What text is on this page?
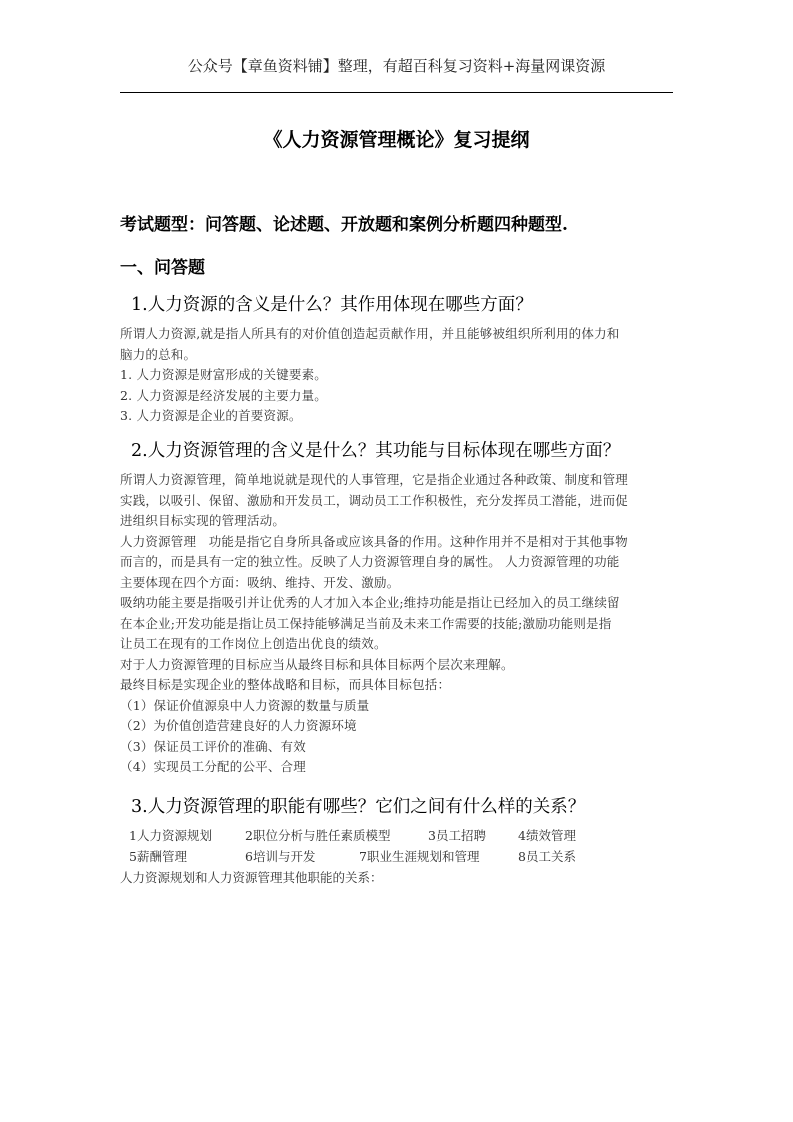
公众号【章鱼资料铺】整理，有超百科复习资料+海量网课资源
《人力资源管理概论》复习提纲
考试题型：问答题、论述题、开放题和案例分析题四种题型.
一、问答题
1.人力资源的含义是什么？其作用体现在哪些方面？
所谓人力资源,就是指人所具有的对价值创造起贡献作用，并且能够被组织所利用的体力和
脑力的总和。
1. 人力资源是财富形成的关键要素。
2. 人力资源是经济发展的主要力量。
3. 人力资源是企业的首要资源。
2.人力资源管理的含义是什么？其功能与目标体现在哪些方面？
所谓人力资源管理，简单地说就是现代的人事管理，它是指企业通过各种政策、制度和管理
实践，以吸引、保留、激励和开发员工，调动员工工作积极性，充分发挥员工潜能，进而促
进组织目标实现的管理活动。
人力资源管理   功能是指它自身所具备或应该具备的作用。这种作用并不是相对于其他事物
而言的，而是具有一定的独立性。反映了人力资源管理自身的属性。 人力资源管理的功能
主要体现在四个方面：吸纳、维持、开发、激励。
吸纳功能主要是指吸引并让优秀的人才加入本企业;维持功能是指让已经加入的员工继续留
在本企业;开发功能是指让员工保持能够满足当前及未来工作需要的技能;激励功能则是指
让员工在现有的工作岗位上创造出优良的绩效。
对于人力资源管理的目标应当从最终目标和具体目标两个层次来理解。
最终目标是实现企业的整体战略和目标，而具体目标包括：
（1）保证价值源泉中人力资源的数量与质量
（2）为价值创造营建良好的人力资源环境
（3）保证员工评价的准确、有效
（4）实现员工分配的公平、合理
3.人力资源管理的职能有哪些？它们之间有什么样的关系？
1人力资源规划	2职位分析与胜任素质模型	3员工招聘	4绩效管理
5薪酬管理	6培训与开发	7职业生涯规划和管理	8员工关系
人力资源规划和人力资源管理其他职能的关系：
